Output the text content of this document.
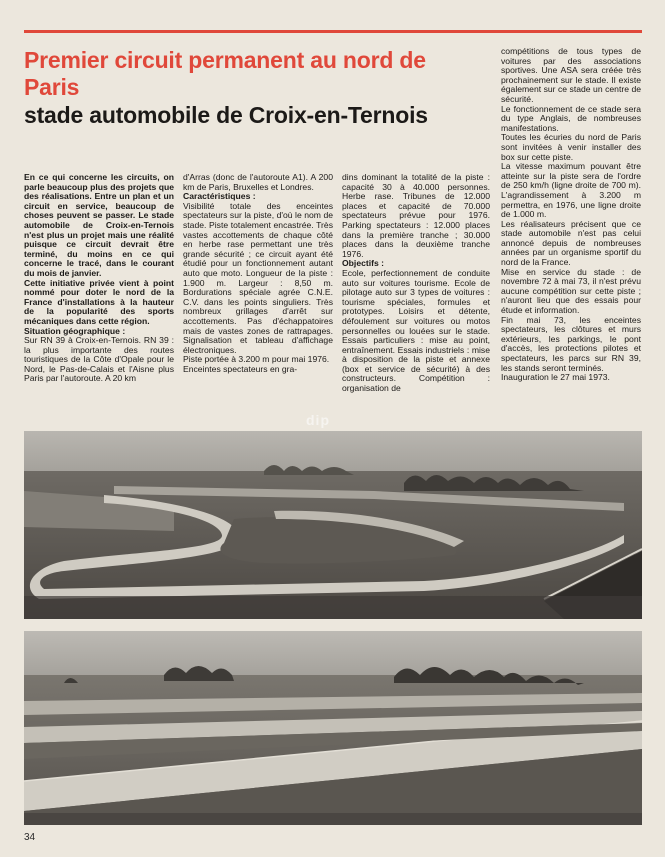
Premier circuit permanent au nord de Paris
stade automobile de Croix-en-Ternois

En ce qui concerne les circuits, on parle beaucoup plus des projets que des réalisations. Entre un plan et un circuit en service, beaucoup de choses peuvent se passer. Le stade automobile de Croix-en-Ternois n'est plus un projet mais une réalité puisque ce circuit devrait être terminé, du moins en ce qui concerne le tracé, dans le courant du mois de janvier.

Cette initiative privée vient à point nommé pour doter le nord de la France d'installations à la hauteur de la popularité des sports mécaniques dans cette région.

Situation géographique :

Sur RN 39 à Croix-en-Ternois. RN 39 : la plus importante des routes touristiques de la Côte d'Opale pour le Nord, le Pas-de-Calais et l'Aisne plus Paris par l'autoroute. A 20 km

d'Arras (donc de l'autoroute A1). A 200 km de Paris, Bruxelles et Londres.

Caractéristiques :

Visibilité totale des enceintes spectateurs sur la piste, d'où le nom de stade. Piste totalement encastrée. Très vastes accottements de chaque côté en herbe rase permettant une très grande sécurité ; ce circuit ayant été étudié pour un fonctionnement autant auto que moto. Longueur de la piste : 1.900 m. Largeur : 8,50 m. Bordurations spéciale agrée C.N.E. C.V. dans les points singuliers. Très nombreux grillages d'arrêt sur accottements. Pas d'échappatoires mais de vastes zones de rattrapages. Signalisation et tableau d'affichage électroniques.

Piste portée à 3.200 m pour mai 1976.

Enceintes spectateurs en gra-

dins dominant la totalité de la piste : capacité 30 à 40.000 personnes. Herbe rase. Tribunes de 12.000 places et capacité de 70.000 spectateurs prévue pour 1976. Parking spectateurs : 12.000 places dans la première tranche ; 30.000 places dans la deuxième tranche 1976.

Objectifs :

Ecole, perfectionnement de conduite auto sur voitures tourisme. Ecole de pilotage auto sur 3 types de voitures : tourisme spéciales, formules et prototypes. Loisirs et détente, défoulement sur voitures ou motos personnelles ou louées sur le stade. Essais particuliers : mise au point, entraînement. Essais industriels : mise à disposition de la piste et annexe (box et service de sécurité) à des constructeurs. Compétition : organisation de

compétitions de tous types de voitures par des associations sportives. Une ASA sera créée très prochainement sur le stade. Il existe également sur ce stade un centre de sécurité.

Le fonctionnement de ce stade sera du type Anglais, de nombreuses manifestations.

Toutes les écuries du nord de Paris sont invitées à venir installer des box sur cette piste.

La vitesse maximum pouvant être atteinte sur la piste sera de l'ordre de 250 km/h (ligne droite de 700 m). L'agrandissement à 3.200 m permettra, en 1976, une ligne droite de 1.000 m.

Les réalisateurs précisent que ce stade automobile n'est pas celui annoncé depuis de nombreuses années par un organisme sportif du nord de la France.

Mise en service du stade : de novembre 72 à mai 73, il n'est prévu aucune compétition sur cette piste ; n'auront lieu que des essais pour étude et information.

Fin mai 73, les enceintes spectateurs, les clôtures et murs extérieurs, les parkings, le pont d'accès, les protections pilotes et spectateurs, les parcs sur RN 39, les stands seront terminés.

Inauguration le 27 mai 1973.

dip
34
